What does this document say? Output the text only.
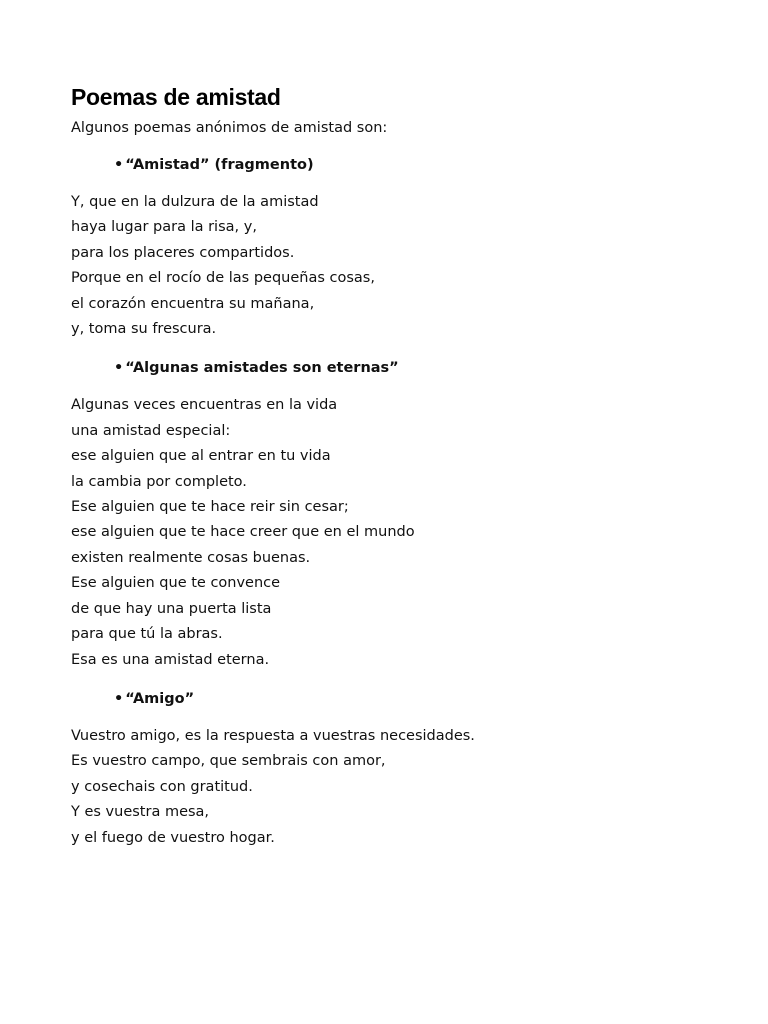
Poemas de amistad

Algunos poemas anónimos de amistad son:

• “Amistad” (fragmento)

Y, que en la dulzura de la amistad
haya lugar para la risa, y,
para los placeres compartidos.
Porque en el rocío de las pequeñas cosas,
el corazón encuentra su mañana,
y, toma su frescura.

• “Algunas amistades son eternas”

Algunas veces encuentras en la vida
una amistad especial:
ese alguien que al entrar en tu vida
la cambia por completo.
Ese alguien que te hace reir sin cesar;
ese alguien que te hace creer que en el mundo
existen realmente cosas buenas.
Ese alguien que te convence
de que hay una puerta lista
para que tú la abras.
Esa es una amistad eterna.

• “Amigo”

Vuestro amigo, es la respuesta a vuestras necesidades.
Es vuestro campo, que sembrais con amor,
y cosechais con gratitud.
Y es vuestra mesa,
y el fuego de vuestro hogar.
